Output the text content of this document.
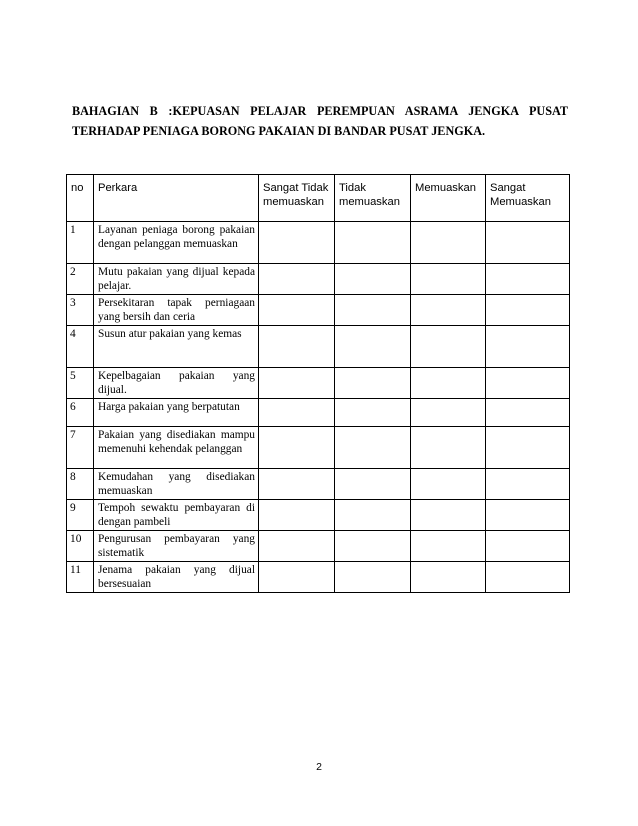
BAHAGIAN B :KEPUASAN PELAJAR PEREMPUAN ASRAMA JENGKA PUSAT
TERHADAP PENIAGA BORONG PAKAIAN DI BANDAR PUSAT JENGKA.
no	Perkara	Sangat Tidak memuaskan	Tidak memuaskan	Memuaskan	Sangat Memuaskan
1	Layanan peniaga borong pakaian dengan pelanggan memuaskan				
2	Mutu pakaian yang dijual kepada pelajar.				
3	Persekitaran tapak perniagaan yang bersih dan ceria				
4	Susun atur pakaian yang kemas				
5	Kepelbagaian pakaian yang dijual.				
6	Harga pakaian yang berpatutan				
7	Pakaian yang disediakan mampu memenuhi kehendak pelanggan				
8	Kemudahan yang disediakan memuaskan				
9	Tempoh sewaktu pembayaran di dengan pambeli				
10	Pengurusan pembayaran yang sistematik				
11	Jenama pakaian yang dijual bersesuaian				
2
